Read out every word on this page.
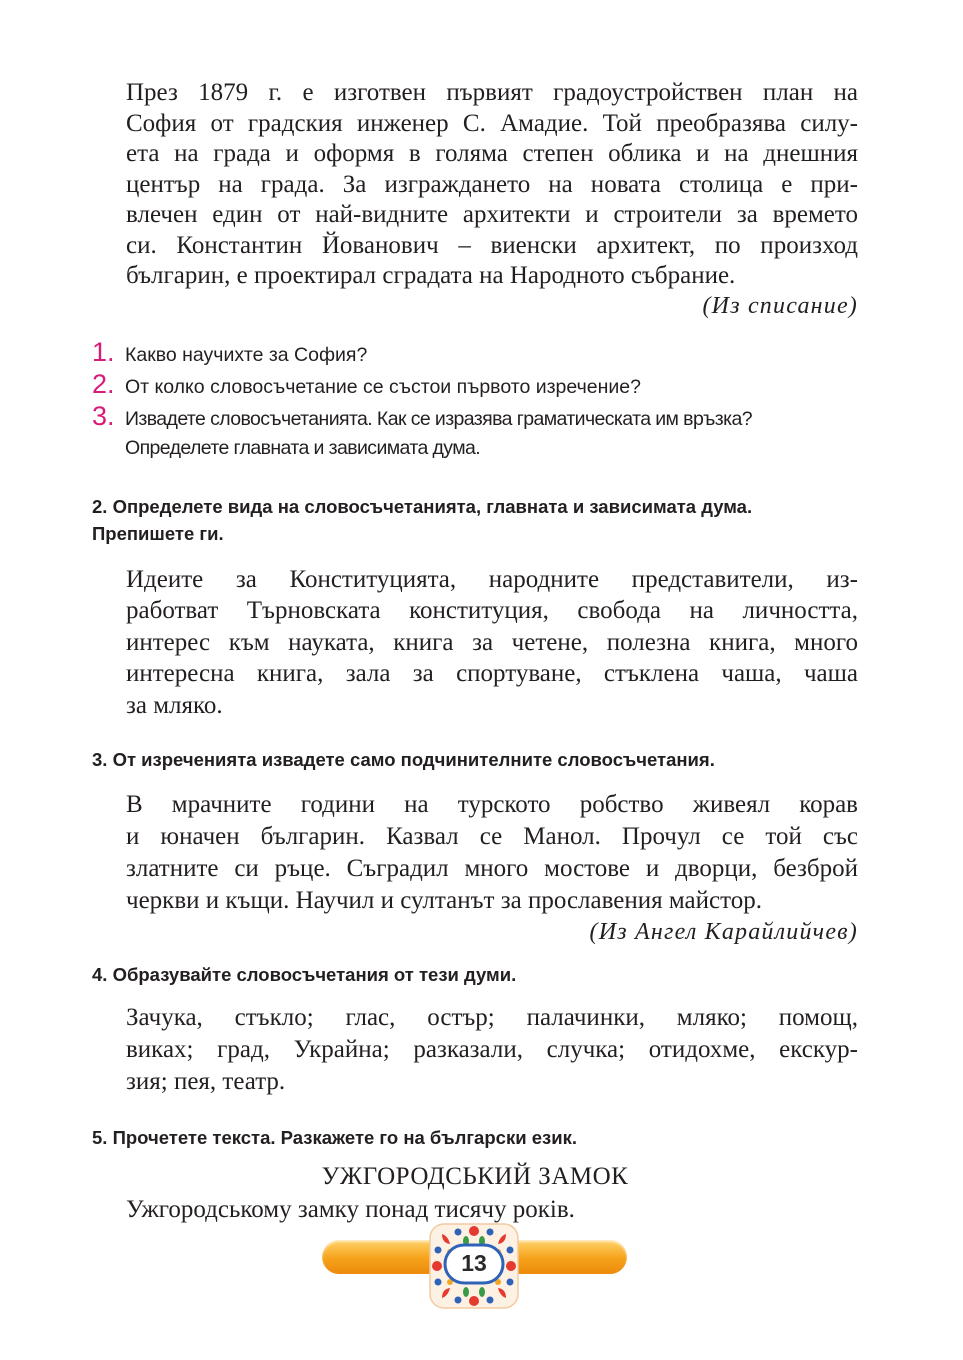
През 1879 г. е изготвен първият градоустройствен план на
София от градския инженер С. Амадие. Той преобразява силу-
ета на града и оформя в голяма степен облика и на днешния
център на града. За изграждането на новата столица е при-
влечен един от най-видните архитекти и строители за времето
си. Константин Йованович – виенски архитект, по произход
българин, е проектирал сградата на Народното събрание.

(Из списание)

1. Какво научихте за София?
2. От колко словосъчетание се състои първото изречение?
3. Извадете словосъчетанията. Как се изразява граматическата им връзка? Определете главната и зависимата дума.

2. Определете вида на словосъчетанията, главната и зависимата дума. Препишете ги.

Идеите за Конституцията, народните представители, из-
работват Търновската конституция, свобода на личността,
интерес към науката, книга за четене, полезна книга, много
интересна книга, зала за спортуване, стъклена чаша, чаша
за мляко.

3. От изреченията извадете само подчинителните словосъчетания.

В мрачните години на турското робство живеял корав
и юначен българин. Казвал се Манол. Прочул се той със
златните си ръце. Съградил много мостове и дворци, безброй
черкви и къщи. Научил и султанът за прославения майстор.

(Из Ангел Карайлийчев)

4. Образувайте словосъчетания от тези думи.

Зачука, стъкло; глас, остър; палачинки, мляко; помощ,
виках; град, Украйна; разказали, случка; отидохме, екскур-
зия; пея, театр.

5. Прочетете текста. Разкажете го на български език.

УЖГОРОДСЬКИЙ ЗАМОК

Ужгородському замку понад тисячу років.

13
